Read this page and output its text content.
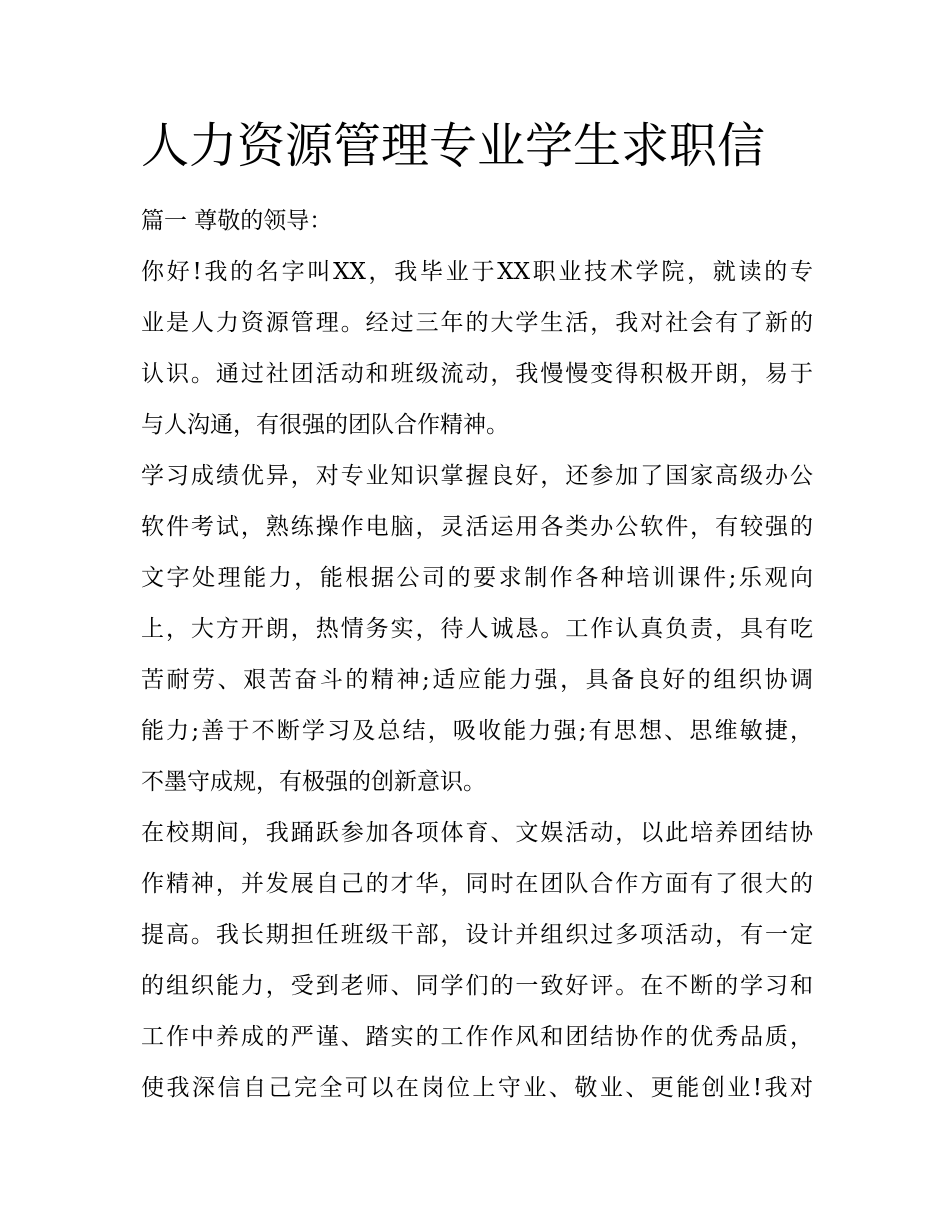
人力资源管理专业学生求职信
篇一 尊敬的领导：
你好!我的名字叫XX，我毕业于XX职业技术学院，就读的专
业是人力资源管理。经过三年的大学生活，我对社会有了新的
认识。通过社团活动和班级流动，我慢慢变得积极开朗，易于
与人沟通，有很强的团队合作精神。
学习成绩优异，对专业知识掌握良好，还参加了国家高级办公
软件考试，熟练操作电脑，灵活运用各类办公软件，有较强的
文字处理能力，能根据公司的要求制作各种培训课件;乐观向
上，大方开朗，热情务实，待人诚恳。工作认真负责，具有吃
苦耐劳、艰苦奋斗的精神;适应能力强，具备良好的组织协调
能力;善于不断学习及总结，吸收能力强;有思想、思维敏捷，
不墨守成规，有极强的创新意识。
在校期间，我踊跃参加各项体育、文娱活动，以此培养团结协
作精神，并发展自己的才华，同时在团队合作方面有了很大的
提高。我长期担任班级干部，设计并组织过多项活动，有一定
的组织能力，受到老师、同学们的一致好评。在不断的学习和
工作中养成的严谨、踏实的工作作风和团结协作的优秀品质，
使我深信自己完全可以在岗位上守业、敬业、更能创业!我对
